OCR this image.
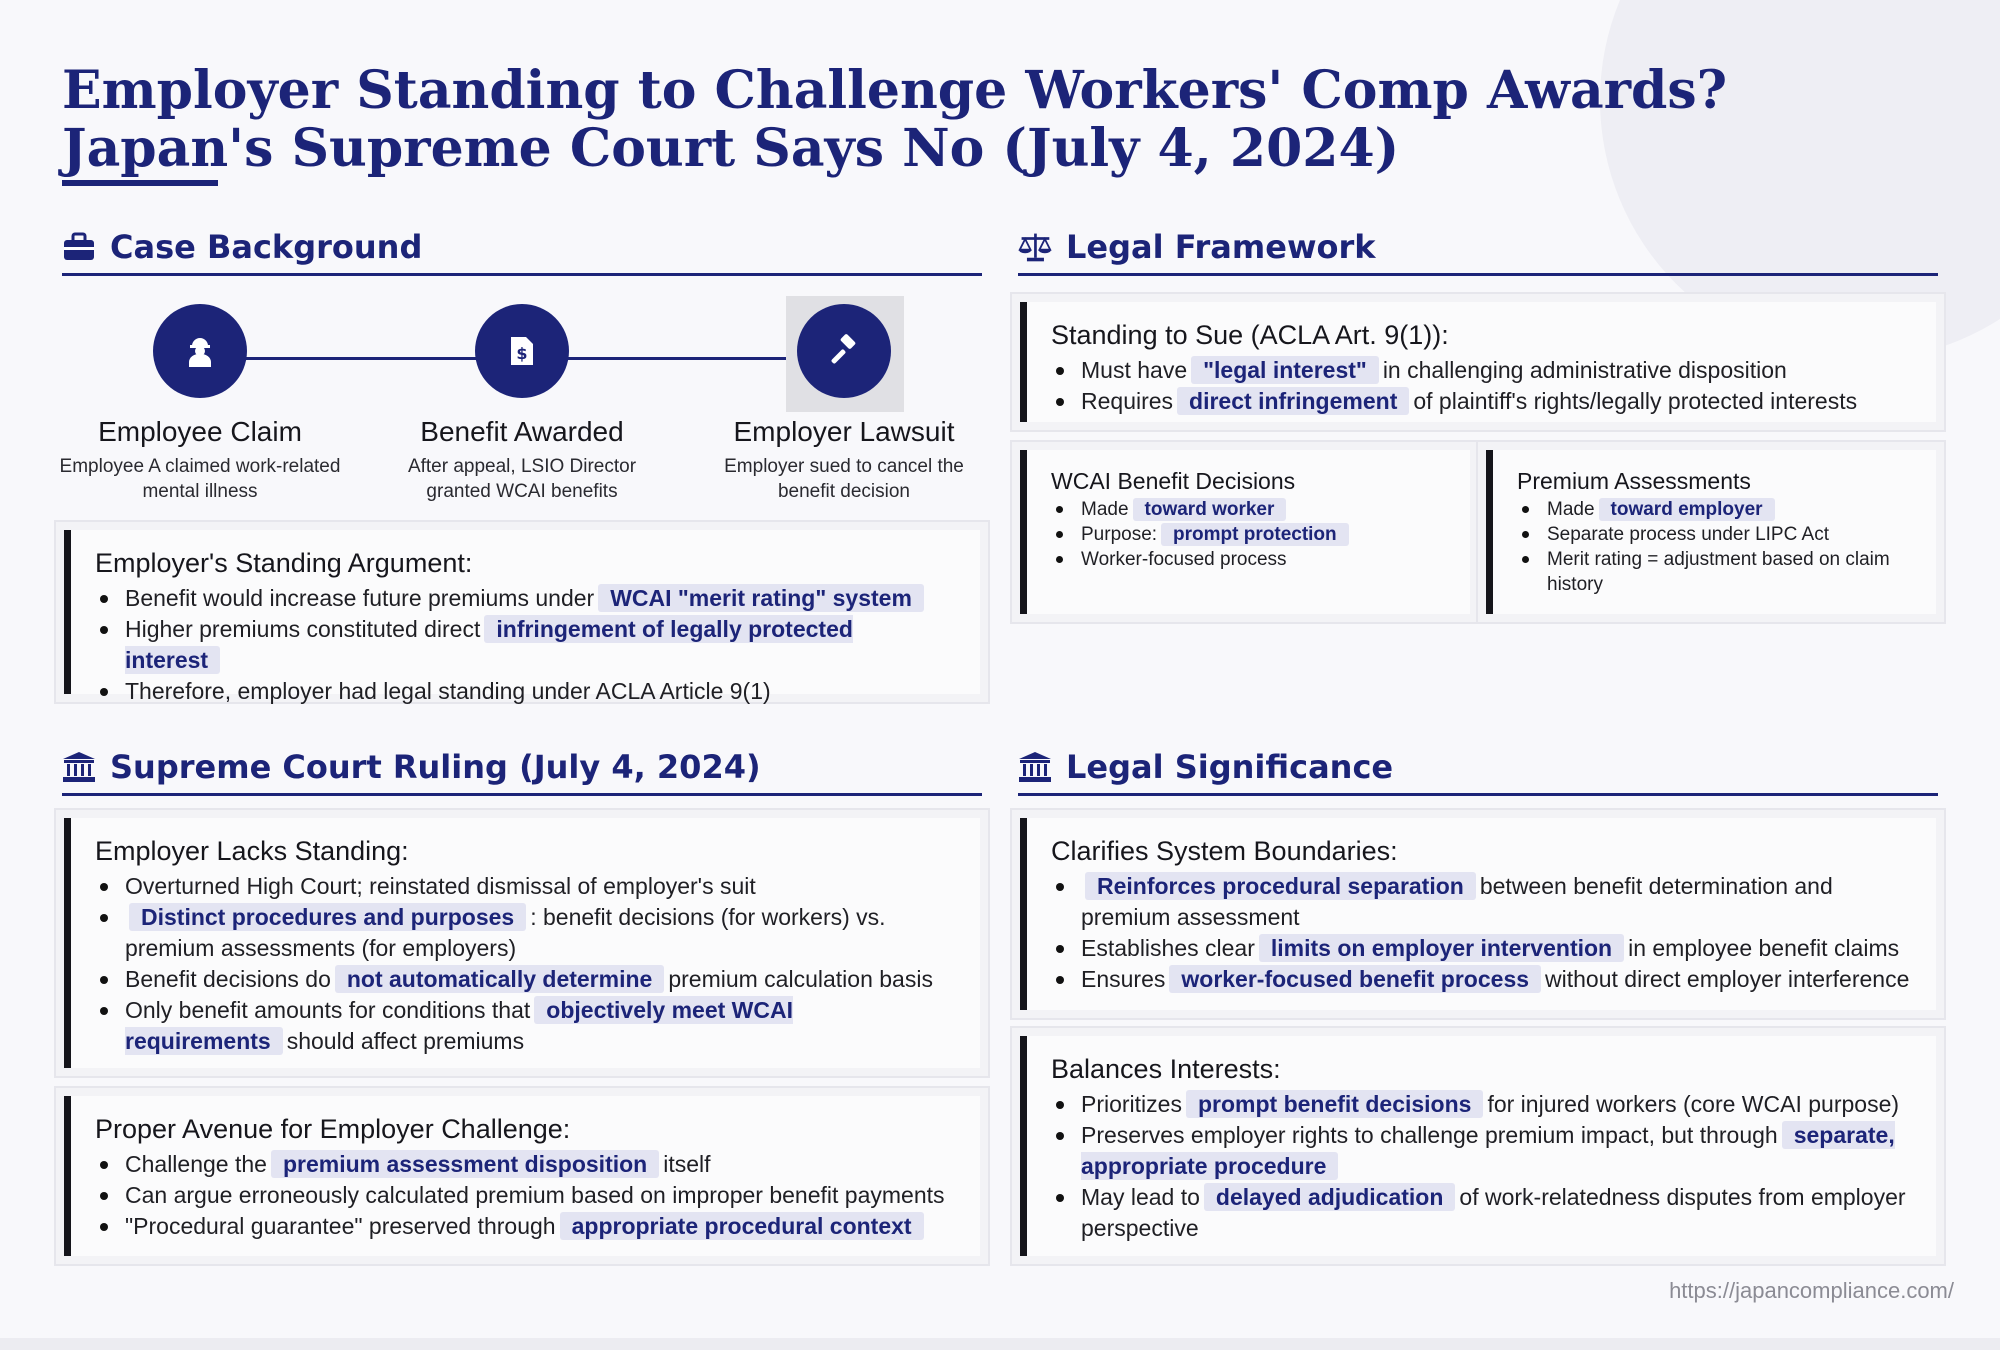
Employer Standing to Challenge Workers' Comp Awards? Japan's Supreme Court Says No (July 4, 2024)
Case Background
Employee Claim
Employee A claimed work-related mental illness
$
Benefit Awarded
After appeal, LSIO Director granted WCAI benefits
Employer Lawsuit
Employer sued to cancel the benefit decision
Employer's Standing Argument:
Benefit would increase future premiums under WCAI "merit rating" system
Higher premiums constituted direct infringement of legally protected interest
Therefore, employer had legal standing under ACLA Article 9(1)
Legal Framework
Standing to Sue (ACLA Art. 9(1)):
Must have "legal interest" in challenging administrative disposition
Requires direct infringement of plaintiff's rights/legally protected interests
WCAI Benefit Decisions
Made toward worker
Purpose: prompt protection
Worker-focused process
Premium Assessments
Made toward employer
Separate process under LIPC Act
Merit rating = adjustment based on claim history
Supreme Court Ruling (July 4, 2024)
Employer Lacks Standing:
Overturned High Court; reinstated dismissal of employer's suit
Distinct procedures and purposes : benefit decisions (for workers) vs. premium assessments (for employers)
Benefit decisions do not automatically determine premium calculation basis
Only benefit amounts for conditions that objectively meet WCAI requirements should affect premiums
Proper Avenue for Employer Challenge:
Challenge the premium assessment disposition itself
Can argue erroneously calculated premium based on improper benefit payments
"Procedural guarantee" preserved through appropriate procedural context
Legal Significance
Clarifies System Boundaries:
Reinforces procedural separation between benefit determination and premium assessment
Establishes clear limits on employer intervention in employee benefit claims
Ensures worker-focused benefit process without direct employer interference
Balances Interests:
Prioritizes prompt benefit decisions for injured workers (core WCAI purpose)
Preserves employer rights to challenge premium impact, but through separate, appropriate procedure
May lead to delayed adjudication of work-relatedness disputes from employer perspective
https://japancompliance.com/
